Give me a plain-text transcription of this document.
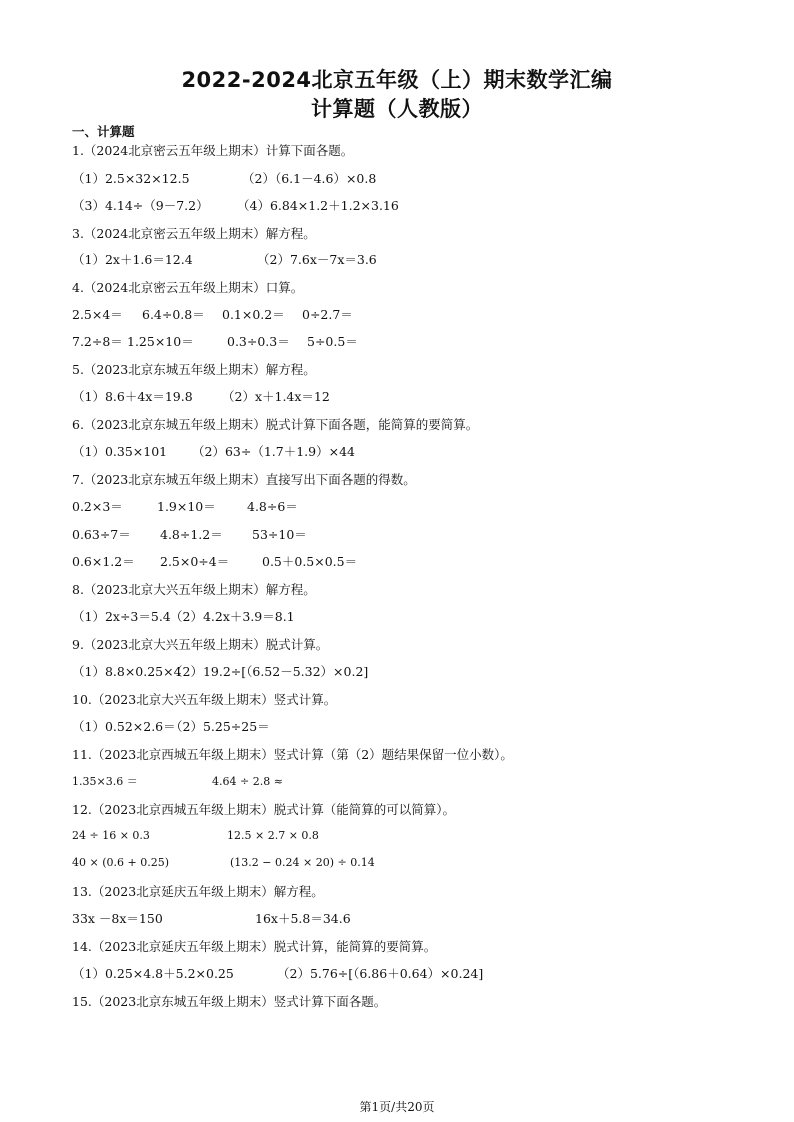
2022-2024北京五年级（上）期末数学汇编
计算题（人教版）
一、计算题
1.（2024北京密云五年级上期末）计算下面各题。
（1）2.5×32×12.5	（2）（6.1－4.6）×0.8
（3）4.14÷（9－7.2） （4）6.84×1.2＋1.2×3.16
3.（2024北京密云五年级上期末）解方程。
（1）2x＋1.6＝12.4	（2）7.6x－7x＝3.6
4.（2024北京密云五年级上期末）口算。
2.5×4＝ 6.4÷0.8＝ 0.1×0.2＝ 0÷2.7＝
7.2÷8＝ 1.25×10＝	0.3÷0.3＝ 5÷0.5＝
5.（2023北京东城五年级上期末）解方程。
（1）8.6＋4x＝19.8 （2）x＋1.4x＝12
6.（2023北京东城五年级上期末）脱式计算下面各题，能简算的要简算。
（1）0.35×101 （2）63÷（1.7＋1.9）×44
7.（2023北京东城五年级上期末）直接写出下面各题的得数。
0.2×3＝	1.9×10＝ 4.8÷6＝
0.63÷7＝ 4.8÷1.2＝ 53÷10＝
0.6×1.2＝ 2.5×0÷4＝	0.5＋0.5×0.5＝
8.（2023北京大兴五年级上期末）解方程。
（1）2x÷3＝5.4 （2）4.2x＋3.9＝8.1
9.（2023北京大兴五年级上期末）脱式计算。
（1）8.8×0.25×4
（2）19.2÷[（6.52－5.32）×0.2]
10.（2023北京大兴五年级上期末）竖式计算。
（1）0.52×2.6＝
（2）5.25÷25＝
11.（2023北京西城五年级上期末）竖式计算（第（2）题结果保留一位小数）。
1.35×3.6 ＝	4.64 ÷ 2.8 ≈
12.（2023北京西城五年级上期末）脱式计算（能简算的可以简算）。
24 ÷ 16 × 0.3	12.5 × 2.7 × 0.8
40 × (0.6 + 0.25)	(13.2 − 0.24 × 20) ÷ 0.14
13.（2023北京延庆五年级上期末）解方程。
33x －8x＝150	16x＋5.8＝34.6
14.（2023北京延庆五年级上期末）脱式计算，能简算的要简算。
（1）0.25×4.8＋5.2×0.25	（2）5.76÷[（6.86＋0.64）×0.24]
15.（2023北京东城五年级上期末）竖式计算下面各题。
第1页/共20页
